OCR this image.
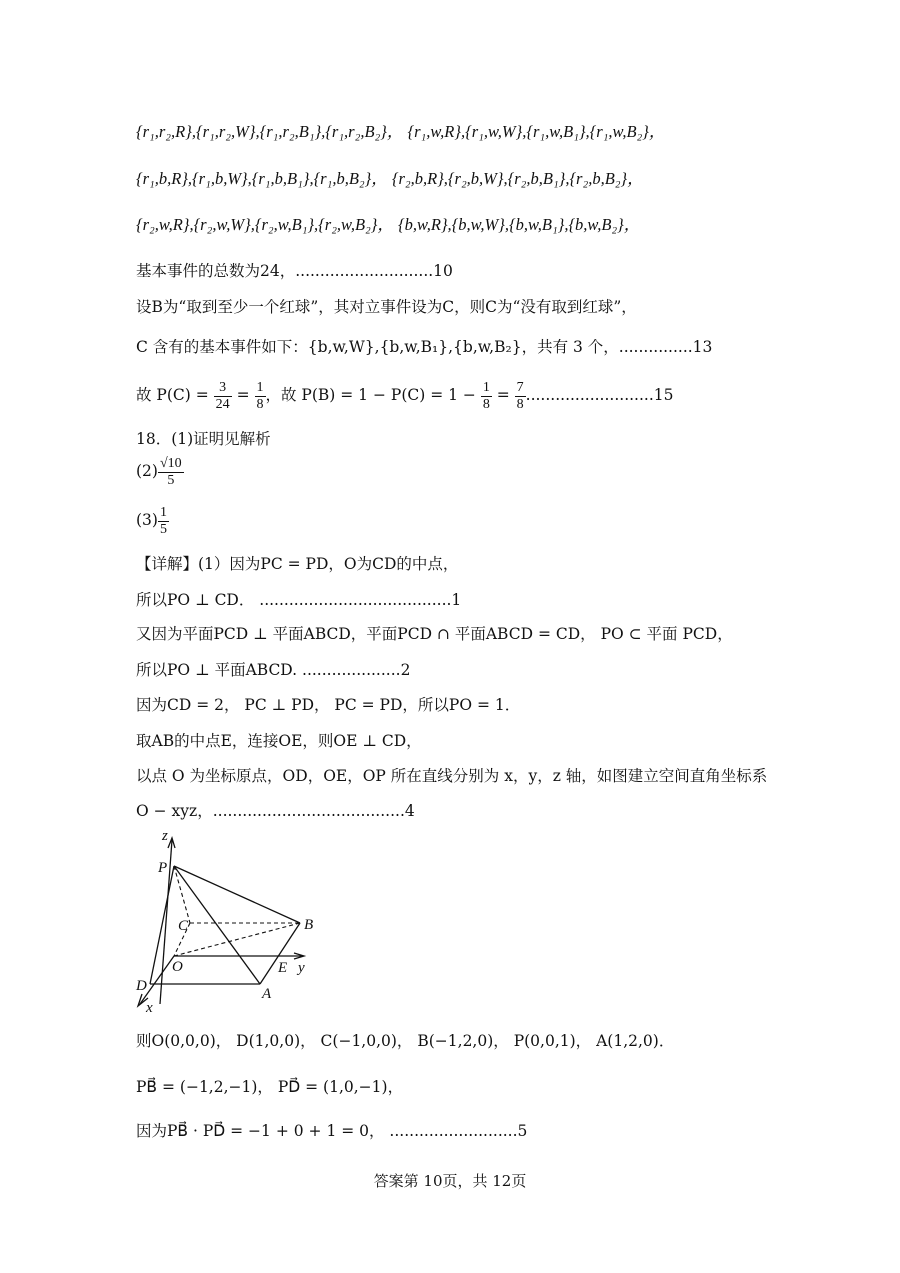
{r₁,r₂,R},{r₁,r₂,W},{r₁,r₂,B₁},{r₁,r₂,B₂}， {r₁,w,R},{r₁,w,W},{r₁,w,B₁},{r₁,w,B₂}，
{r₁,b,R},{r₁,b,W},{r₁,b,B₁},{r₁,b,B₂}， {r₂,b,R},{r₂,b,W},{r₂,b,B₁},{r₂,b,B₂}，
{r₂,w,R},{r₂,w,W},{r₂,w,B₁},{r₂,w,B₂}， {b,w,R},{b,w,W},{b,w,B₁},{b,w,B₂}，
基本事件的总数为24，............................10
设B为“取到至少一个红球”，其对立事件设为C，则C为“没有取到红球”，
C 含有的基本事件如下：{b,w,W},{b,w,B₁},{b,w,B₂}，共有 3 个，...............13
故 $P(C) = \frac{3}{24} = \frac{1}{8}$ ，故 $P(B) = 1 - P(C) = 1 - \frac{1}{8} = \frac{7}{8} ..........................15$
18．(1)证明见解析
$(2) \frac{√10}{5}$
$(3) \frac{1}{5}$
【详解】(1）因为PC = PD，O为CD的中点，
所以PO ⊥ CD． .......................................1
又因为平面PCD ⊥ 平面ABCD，平面PCD ∩ 平面ABCD = CD， PO ⊂ 平面 PCD，
所以PO ⊥ 平面ABCD. ....................2
因为CD = 2， PC ⊥ PD， PC = PD，所以PO = 1．
取AB的中点E，连接OE，则OE ⊥ CD，
以点 O 为坐标原点，OD，OE，OP 所在直线分别为 x，y，z 轴，如图建立空间直角坐标系
O − xyz，.......................................4
z
P
C	B
O	E y
D	A
x
则O(0,0,0)， D(1,0,0)， C(−1,0,0)， B(−1,2,0)， P(0,0,1)， A(1,2,0)．
PB⃗ = (−1,2,−1)， PD⃗ = (1,0,−1)，
因为PB⃗ · PD⃗ = −1 + 0 + 1 = 0， ..........................5
答案第 10页，共 12页
